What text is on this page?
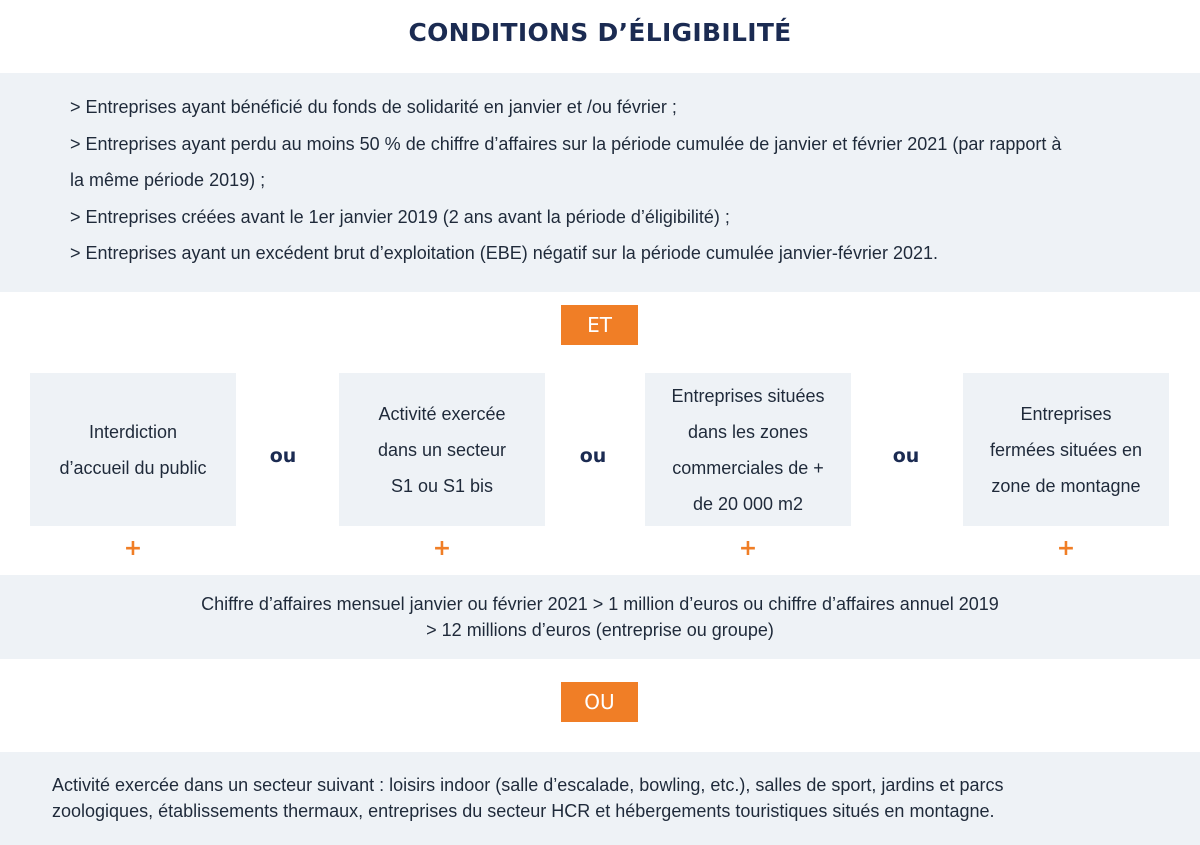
CONDITIONS D’ÉLIGIBILITÉ
> Entreprises ayant bénéficié du fonds de solidarité en janvier et /ou février ;
> Entreprises ayant perdu au moins 50 % de chiffre d’affaires sur la période cumulée de janvier et février 2021 (par rapport à
la même période 2019) ;
> Entreprises créées avant le 1er janvier 2019 (2 ans avant la période d’éligibilité) ;
> Entreprises ayant un excédent brut d’exploitation (EBE) négatif sur la période cumulée janvier-février 2021.
ET
Interdiction
d’accueil du public
ou
Activité exercée
dans un secteur
S1 ou S1 bis
ou
Entreprises situées
dans les zones
commerciales de +
de 20 000 m2
ou
Entreprises
fermées situées en
zone de montagne
+	+	+	+

Chiffre d’affaires mensuel janvier ou février 2021 > 1 million d’euros ou chiffre d’affaires annuel 2019

> 12 millions d’euros (entreprise ou groupe)

OU
Activité exercée dans un secteur suivant : loisirs indoor (salle d’escalade, bowling, etc.), salles de sport, jardins et parcs
zoologiques, établissements thermaux, entreprises du secteur HCR et hébergements touristiques situés en montagne.
